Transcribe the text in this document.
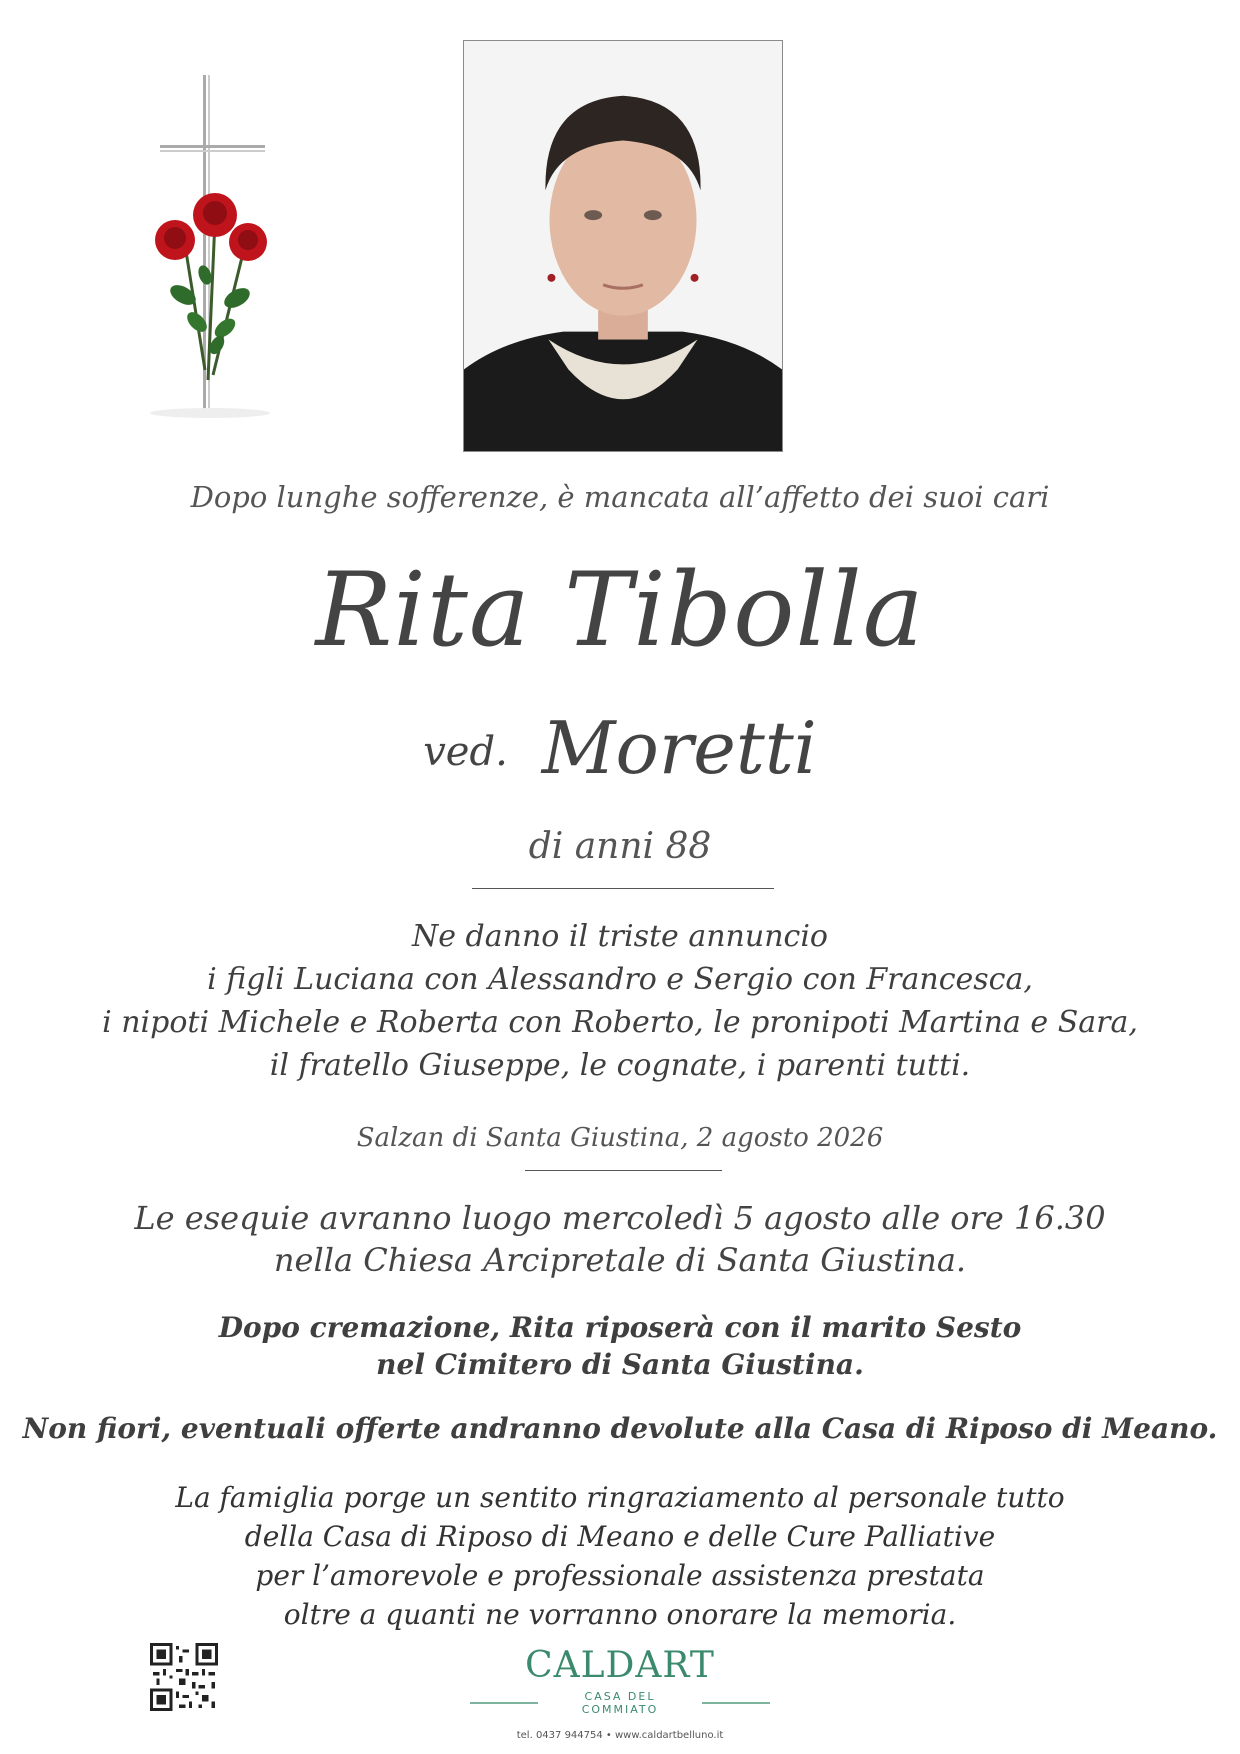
Dopo lunghe sofferenze, è mancata all’affetto dei suoi cari
Rita Tibolla
ved. Moretti
di anni 88
Ne danno il triste annuncio
i figli Luciana con Alessandro e Sergio con Francesca,
i nipoti Michele e Roberta con Roberto, le pronipoti Martina e Sara,
il fratello Giuseppe, le cognate, i parenti tutti.
Salzan di Santa Giustina, 2 agosto 2026
Le esequie avranno luogo mercoledì 5 agosto alle ore 16.30
nella Chiesa Arcipretale di Santa Giustina.
Dopo cremazione, Rita riposerà con il marito Sesto
nel Cimitero di Santa Giustina.
Non fiori, eventuali offerte andranno devolute alla Casa di Riposo di Meano.
La famiglia porge un sentito ringraziamento al personale tutto
della Casa di Riposo di Meano e delle Cure Palliative
per l’amorevole e professionale assistenza prestata
oltre a quanti ne vorranno onorare la memoria.
CALDART
CASA DEL COMMIATO
tel. 0437 944754 • www.caldartbelluno.it
